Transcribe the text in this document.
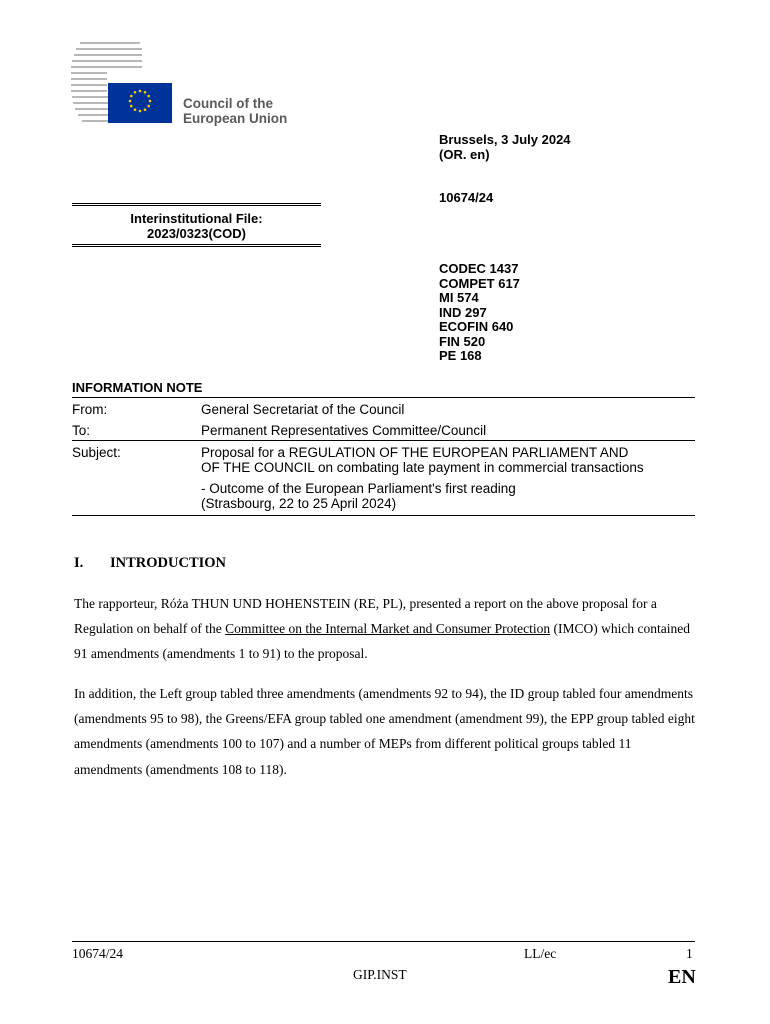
Council of the
European Union
Brussels, 3 July 2024
(OR. en)
10674/24
Interinstitutional File:
2023/0323(COD)
CODEC 1437
COMPET 617
MI 574
IND 297
ECOFIN 640
FIN 520
PE 168
INFORMATION NOTE
From:	General Secretariat of the Council
To:	Permanent Representatives Committee/Council
Subject:	Proposal for a REGULATION OF THE EUROPEAN PARLIAMENT AND
OF THE COUNCIL on combating late payment in commercial transactions
- Outcome of the European Parliament's first reading
(Strasbourg, 22 to 25 April 2024)
I. INTRODUCTION
The rapporteur, Róża THUN UND HOHENSTEIN (RE, PL), presented a report on the above proposal for a Regulation on behalf of the Committee on the Internal Market and Consumer Protection (IMCO) which contained 91 amendments (amendments 1 to 91) to the proposal.
In addition, the Left group tabled three amendments (amendments 92 to 94), the ID group tabled four amendments (amendments 95 to 98), the Greens/EFA group tabled one amendment (amendment 99), the EPP group tabled eight amendments (amendments 100 to 107) and a number of MEPs from different political groups tabled 11 amendments (amendments 108 to 118).
10674/24	LL/ec	1
GIP.INST	EN
